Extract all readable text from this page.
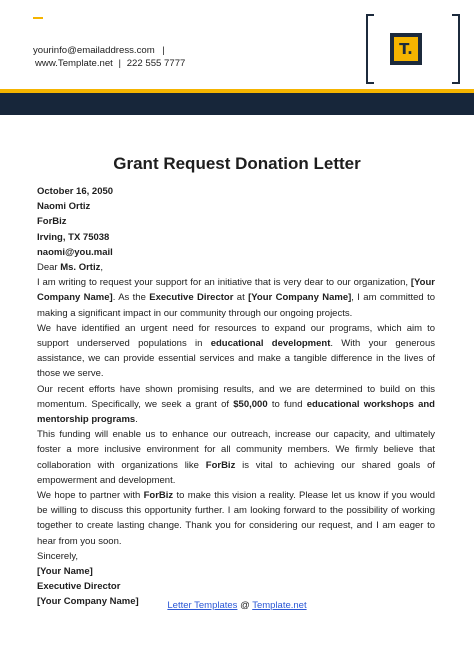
yourinfo@emailaddress.com |
www.Template.net | 222 555 7777
T.
Grant Request Donation Letter

October 16, 2050

Naomi Ortiz

ForBiz

Irving, TX 75038

naomi@you.mail

Dear Ms. Ortiz,

I am writing to request your support for an initiative that is very dear to our organization, [Your Company Name]. As the Executive Director at [Your Company Name], I am committed to making a significant impact in our community through our ongoing projects.

We have identified an urgent need for resources to expand our programs, which aim to support underserved populations in educational development. With your generous assistance, we can provide essential services and make a tangible difference in the lives of those we serve.

Our recent efforts have shown promising results, and we are determined to build on this momentum. Specifically, we seek a grant of $50,000 to fund educational workshops and mentorship programs.

This funding will enable us to enhance our outreach, increase our capacity, and ultimately foster a more inclusive environment for all community members. We firmly believe that collaboration with organizations like ForBiz is vital to achieving our shared goals of empowerment and development.

We hope to partner with ForBiz to make this vision a reality. Please let us know if you would be willing to discuss this opportunity further. I am looking forward to the possibility of working together to create lasting change. Thank you for considering our request, and I am eager to hear from you soon.

Sincerely,

[Your Name]

Executive Director

[Your Company Name]	Letter Templates @ Template.net
